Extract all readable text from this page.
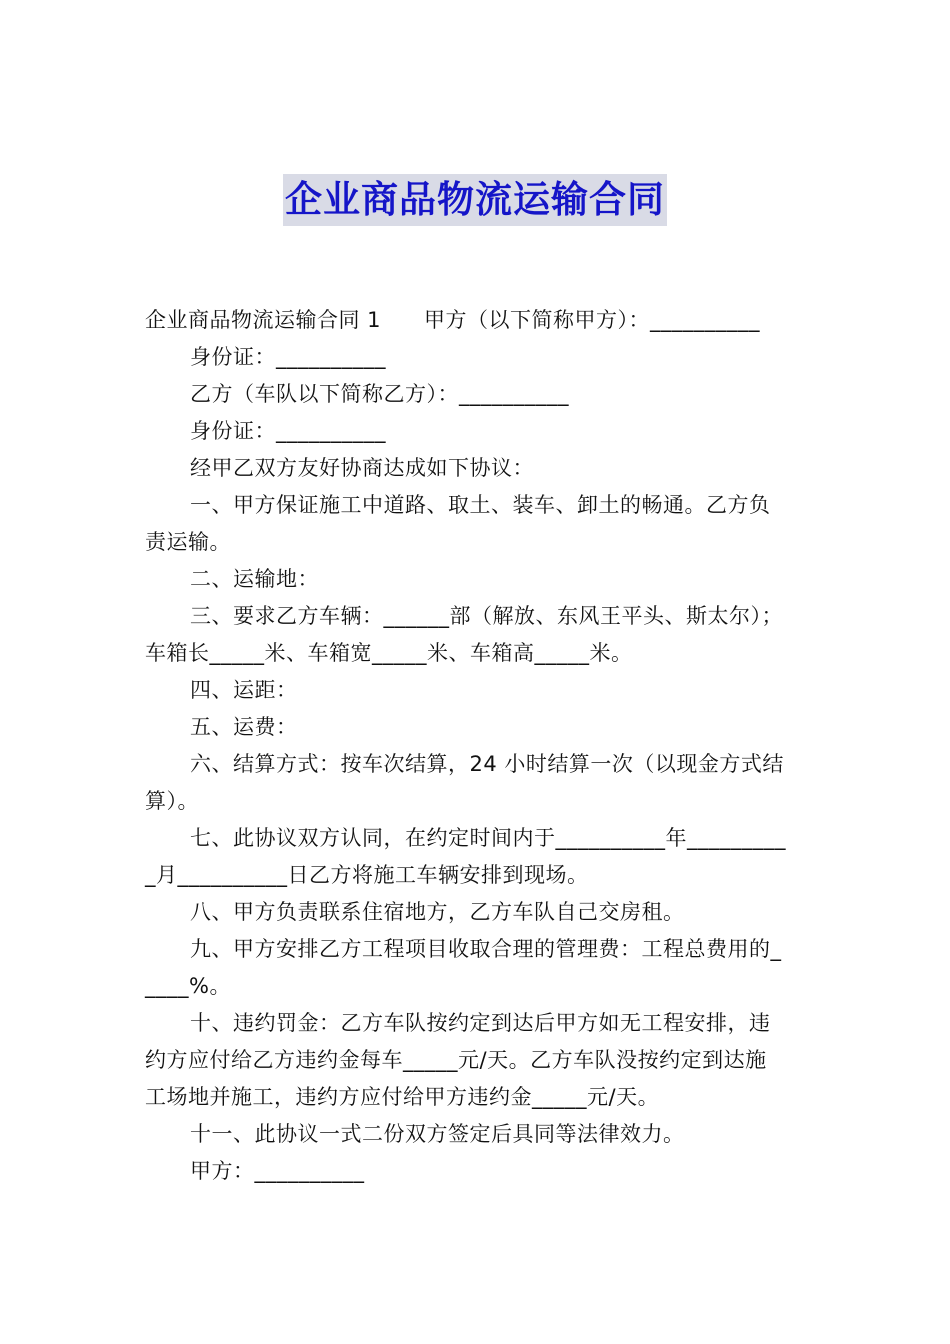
企业商品物流运输合同
企业商品物流运输合同 1　　甲方（以下简称甲方）：__________
身份证：__________
乙方（车队以下简称乙方）：__________
身份证：__________
经甲乙双方友好协商达成如下协议：
一、甲方保证施工中道路、取土、装车、卸土的畅通。乙方负
责运输。
二、运输地：
三、要求乙方车辆：______部（解放、东风王平头、斯太尔）；
车箱长_____米、车箱宽_____米、车箱高_____米。
四、运距：
五、运费：
六、结算方式：按车次结算，24 小时结算一次（以现金方式结
算）。
七、此协议双方认同，在约定时间内于__________年_________
_月__________日乙方将施工车辆安排到现场。
八、甲方负责联系住宿地方，乙方车队自己交房租。
九、甲方安排乙方工程项目收取合理的管理费：工程总费用的_
____%。
十、违约罚金：乙方车队按约定到达后甲方如无工程安排，违
约方应付给乙方违约金每车_____元/天。乙方车队没按约定到达施
工场地并施工，违约方应付给甲方违约金_____元/天。
十一、此协议一式二份双方签定后具同等法律效力。
甲方：__________
